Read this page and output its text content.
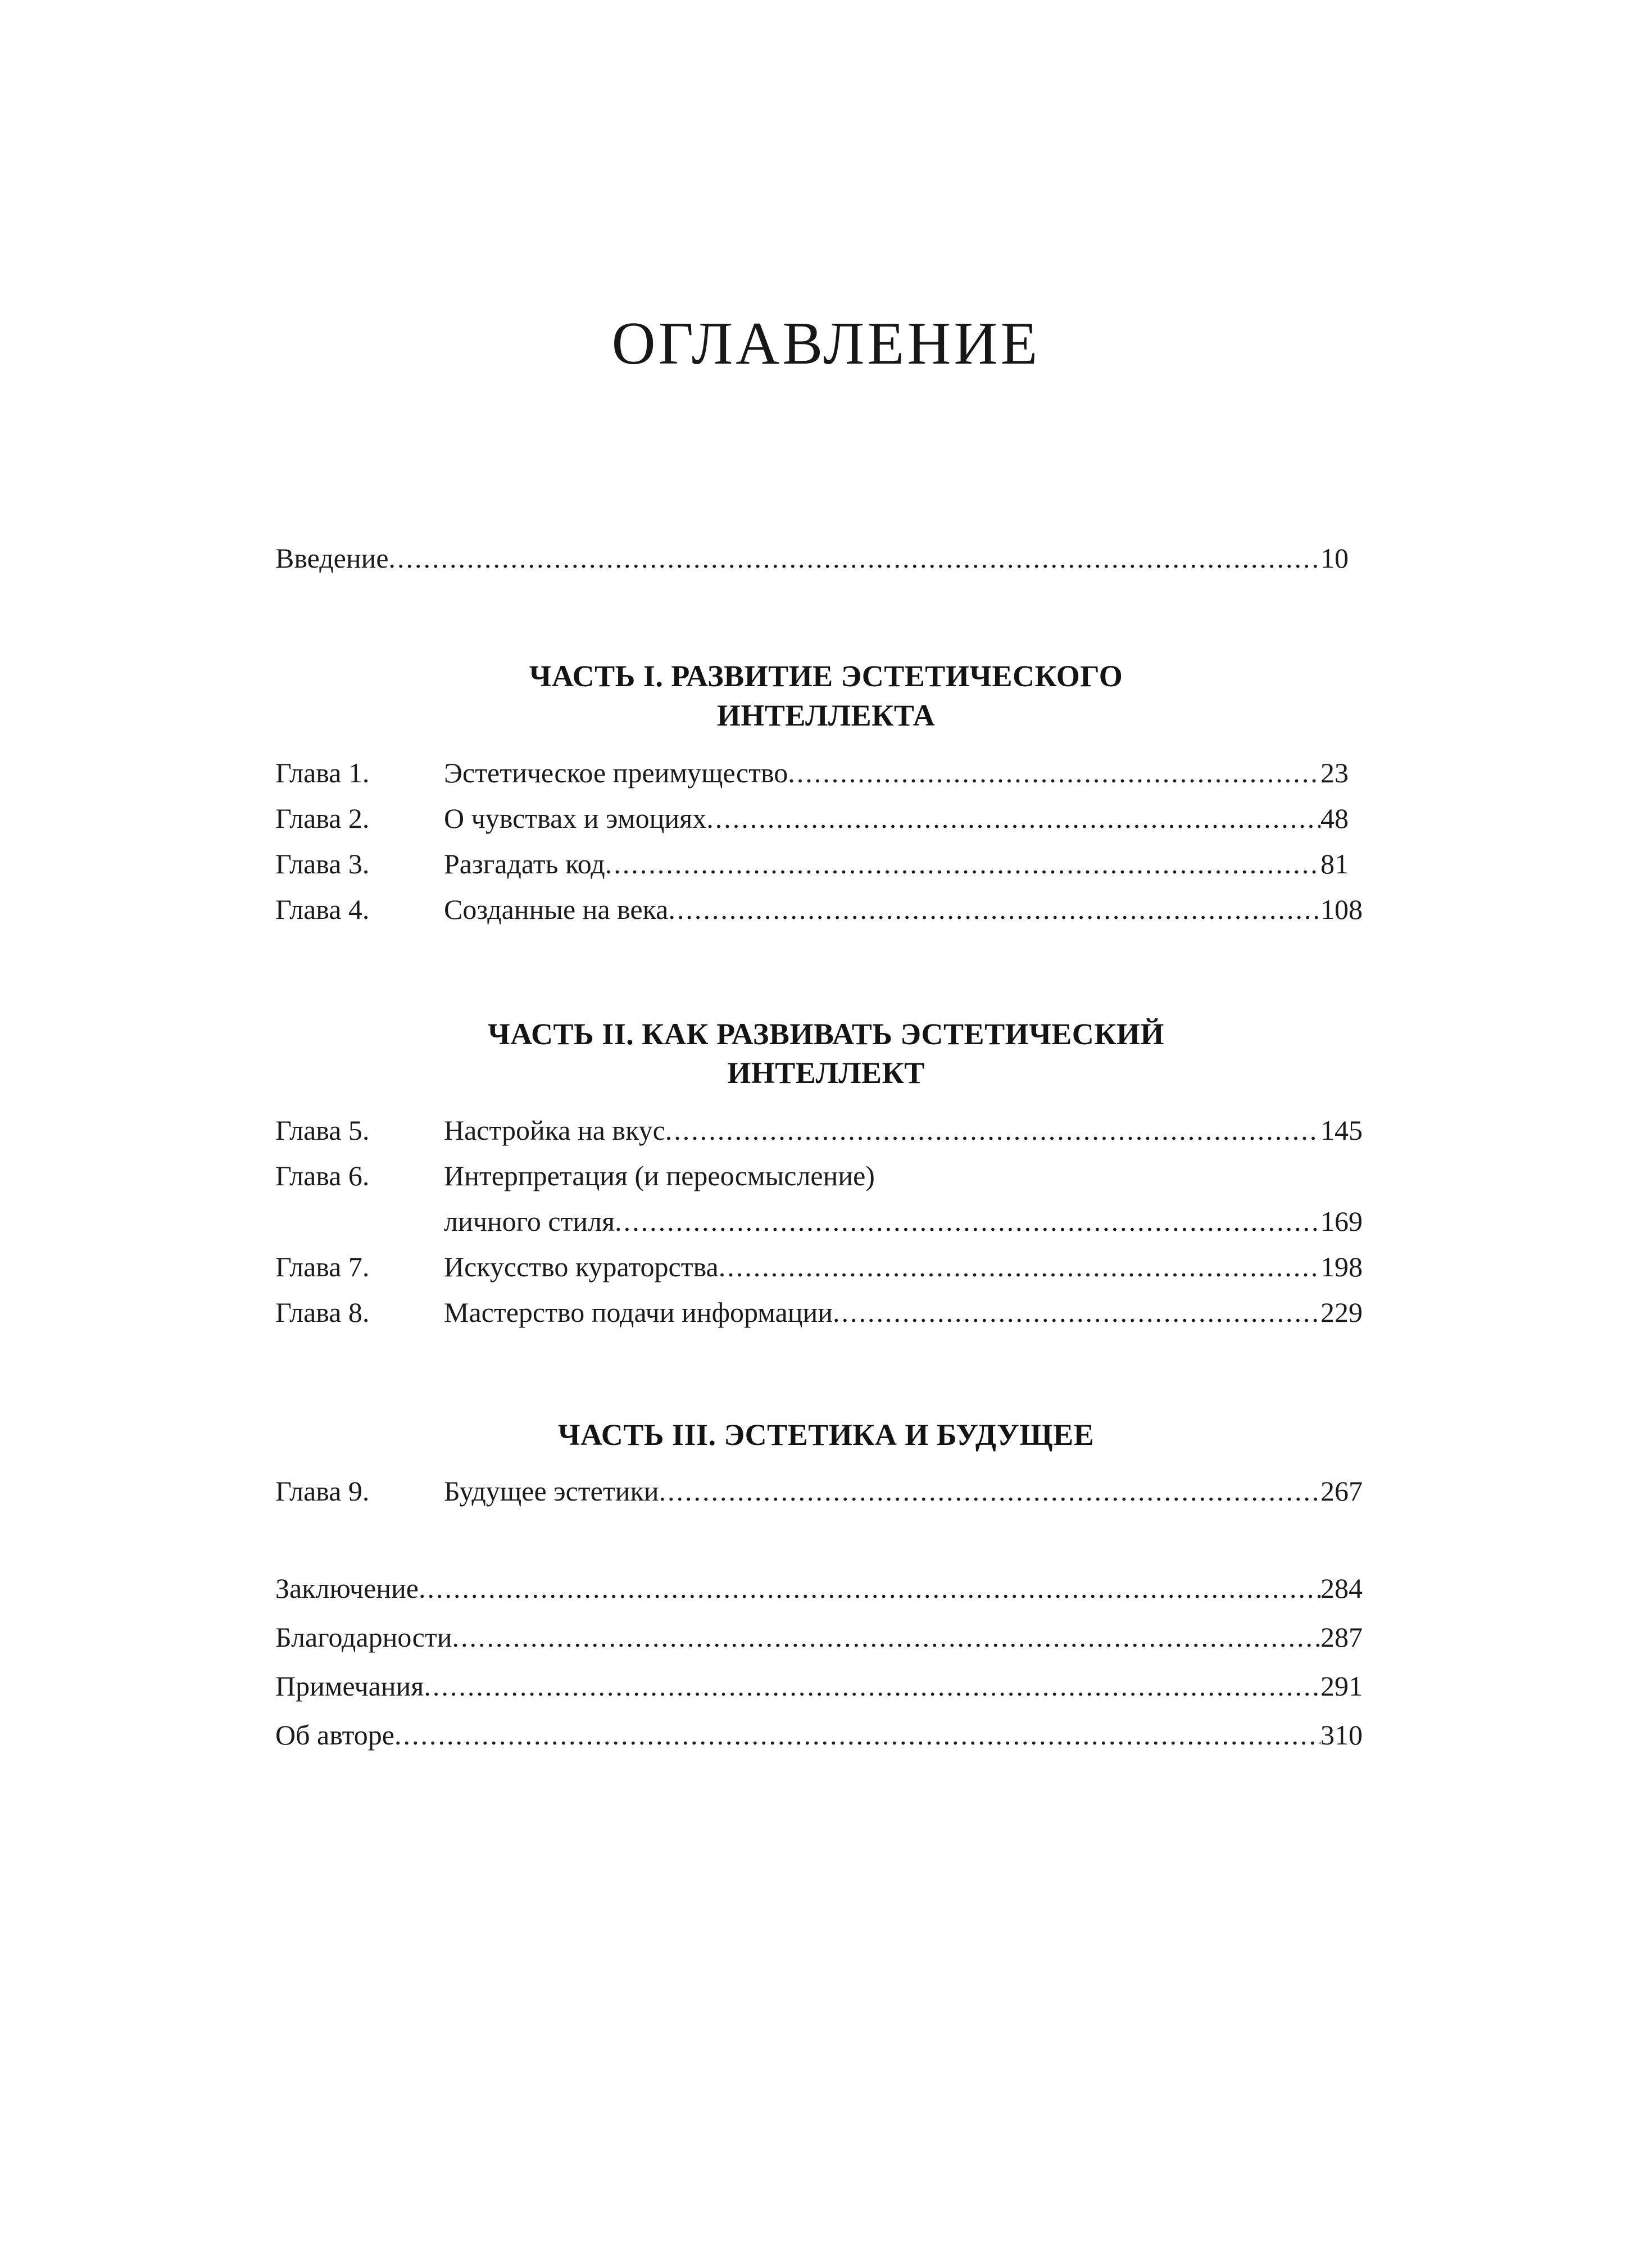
ОГЛАВЛЕНИЕ
Введение .....	10
ЧАСТЬ I. РАЗВИТИЕ ЭСТЕТИЧЕСКОГО
ИНТЕЛЛЕКТА
Глава 1.	Эстетическое преимущество .....	23
Глава 2.	О чувствах и эмоциях .....	48
Глава 3.	Разгадать код .....	81
Глава 4.	Созданные на века .....	108
ЧАСТЬ II. КАК РАЗВИВАТЬ ЭСТЕТИЧЕСКИЙ
ИНТЕЛЛЕКТ
Глава 5.	Настройка на вкус .....	145
Глава 6.	Интерпретация (и переосмысление)
личного стиля .....	169
Глава 7.	Искусство кураторства .....	198
Глава 8.	Мастерство подачи информации .....	229
ЧАСТЬ III. ЭСТЕТИКА И БУДУЩЕЕ
Глава 9.	Будущее эстетики .....	267
Заключение .....	284
Благодарности .....	287
Примечания .....	291
Об авторе .....	310
